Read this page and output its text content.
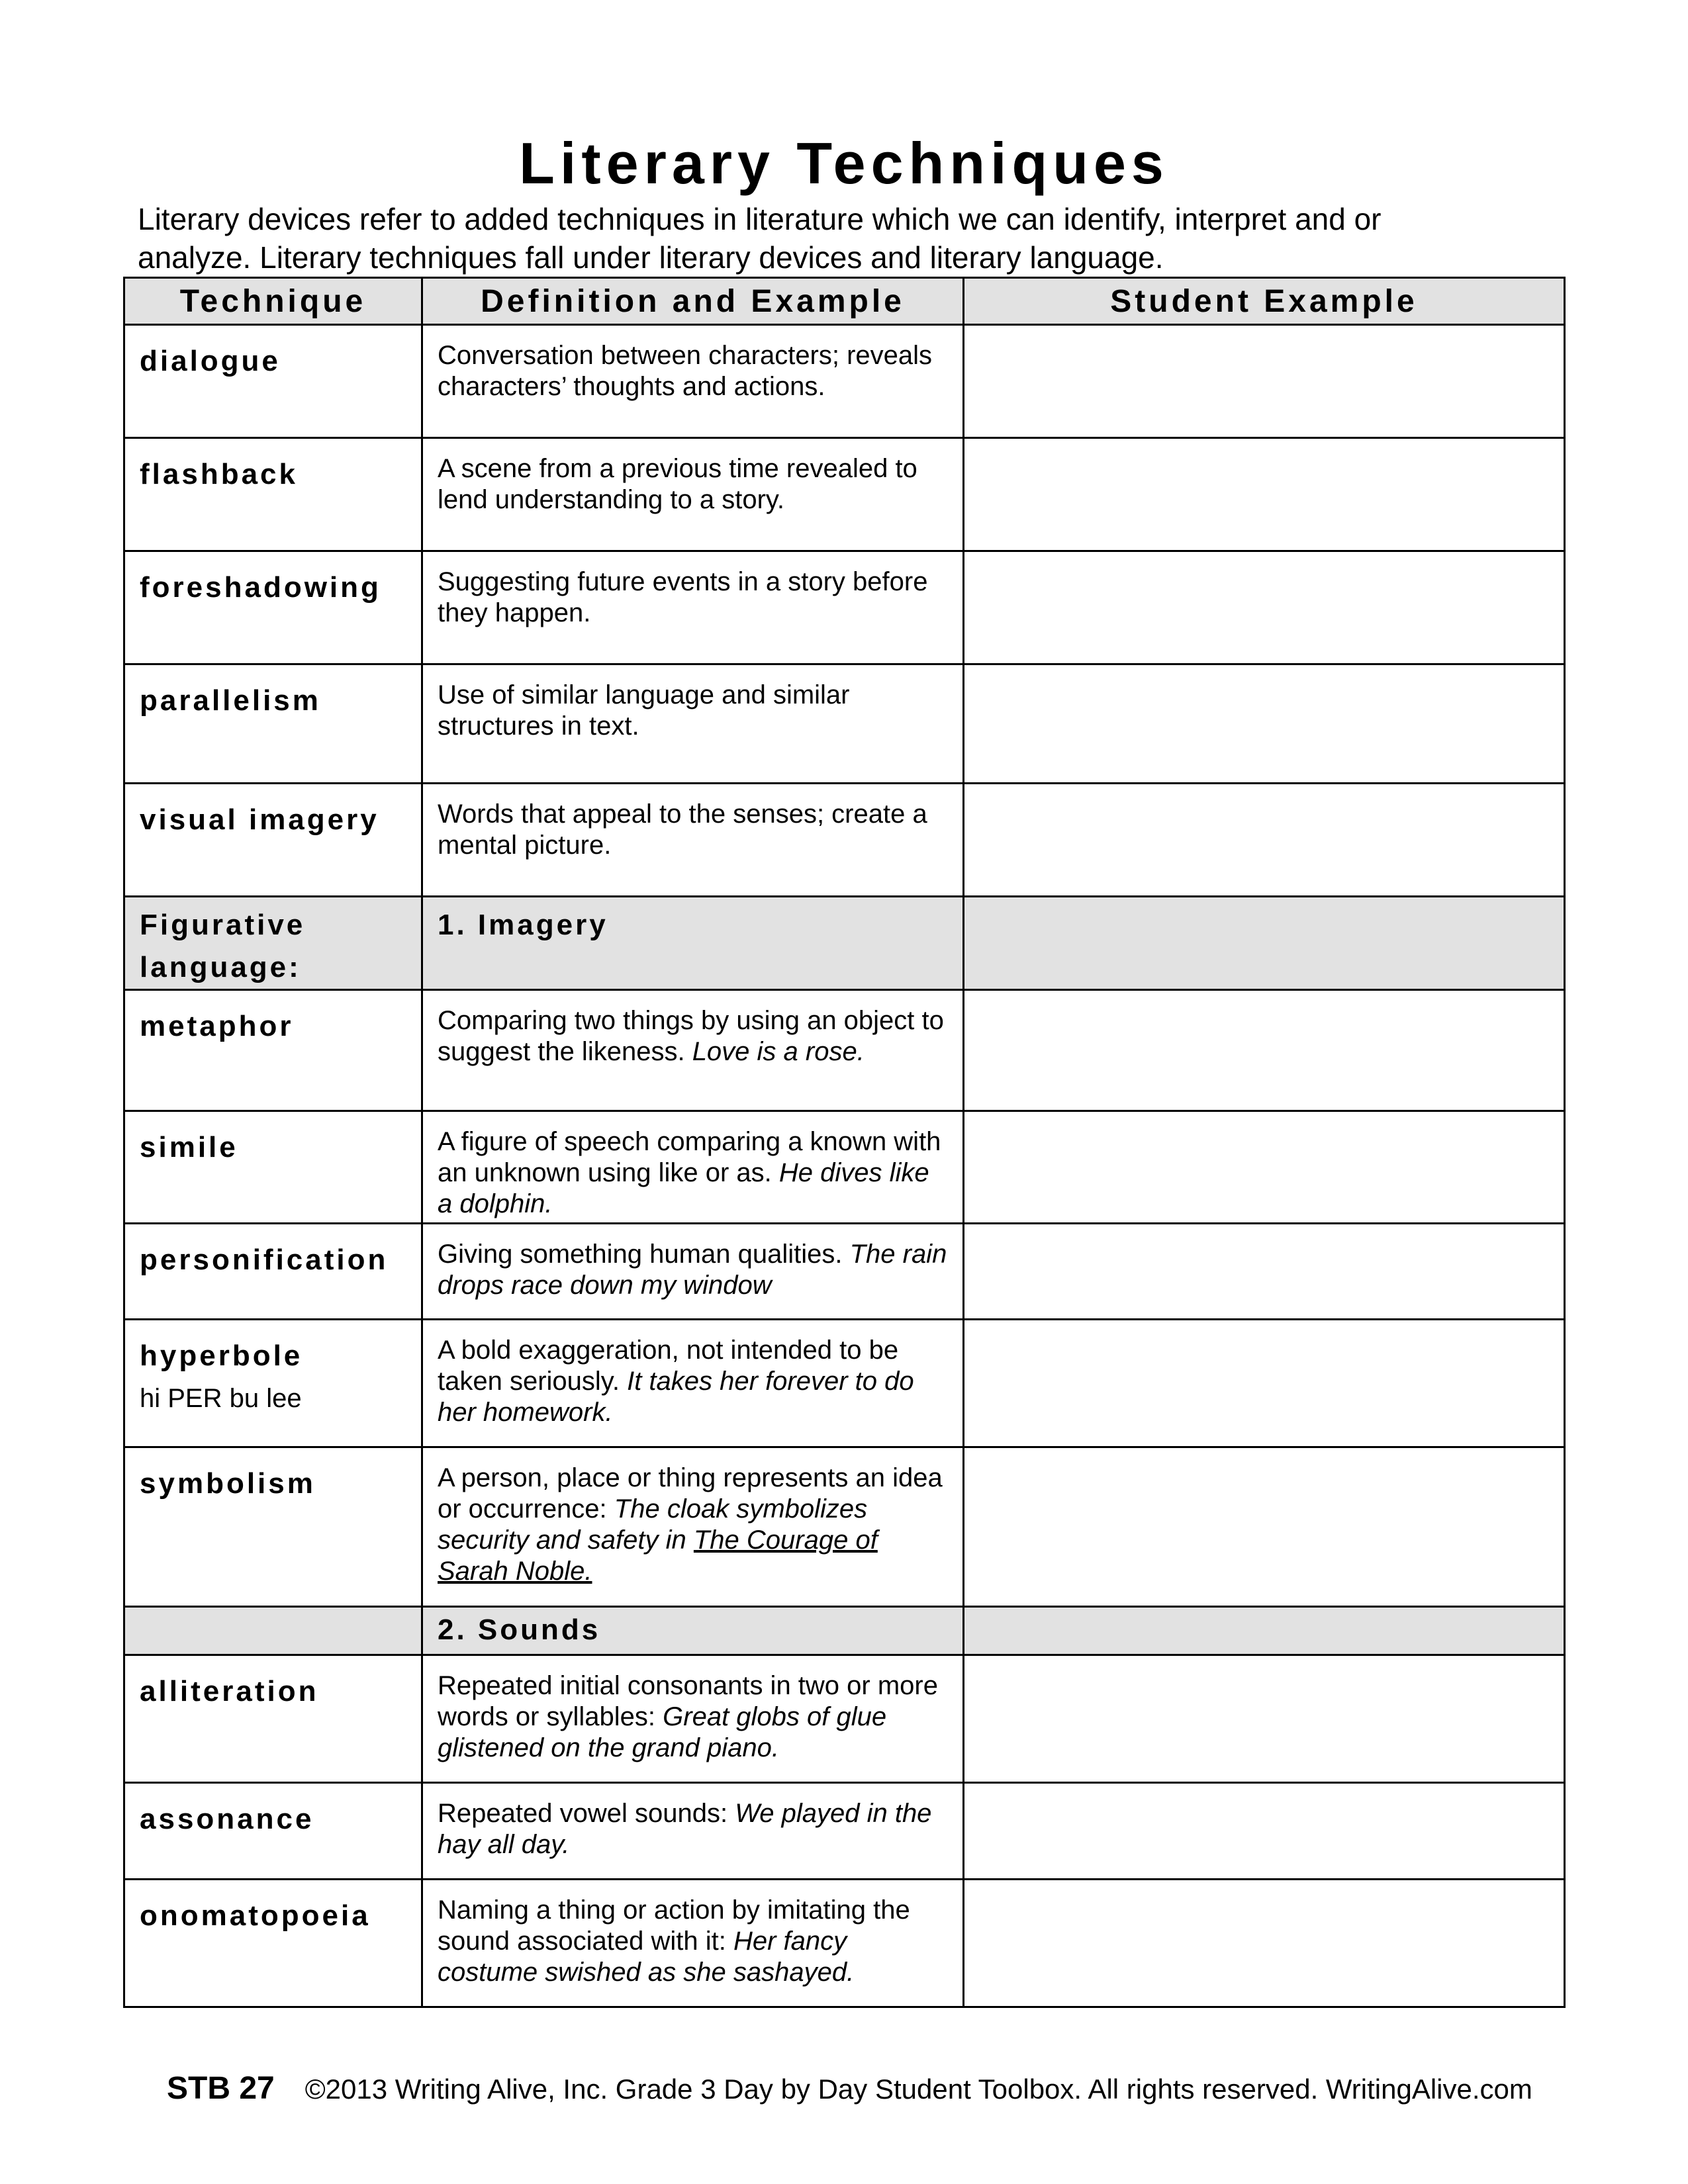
Literary Techniques
Literary devices refer to added techniques in literature which we can identify, interpret and or
analyze. Literary techniques fall under literary devices and literary language.
Technique	Definition and Example	Student Example

dialogue	Conversation between characters; reveals characters’ thoughts and actions.	

flashback	A scene from a previous time revealed to lend understanding to a story.	

foreshadowing	Suggesting future events in a story before they happen.	

parallelism	Use of similar language and similar structures in text.	

visual imagery	Words that appeal to the senses; create a mental picture.	

Figurative language:	1. Imagery	

metaphor	Comparing two things by using an object to suggest the likeness. Love is a rose.	

simile	A figure of speech comparing a known with an unknown using like or as. He dives like a dolphin.	

personification	Giving something human qualities. The rain drops race down my window	

hyperbole
hi PER bu lee	A bold exaggeration, not intended to be taken seriously. It takes her forever to do her homework.	

symbolism	A person, place or thing represents an idea or occurrence: The cloak symbolizes security and safety in The Courage of Sarah Noble.	

	2. Sounds	

alliteration	Repeated initial consonants in two or more words or syllables: Great globs of glue glistened on the grand piano.	

assonance	Repeated vowel sounds: We played in the hay all day.	

onomatopoeia	Naming a thing or action by imitating the sound associated with it: Her fancy costume swished as she sashayed.	

STB 27 ©2013 Writing Alive, Inc. Grade 3 Day by Day Student Toolbox. All rights reserved. WritingAlive.com
